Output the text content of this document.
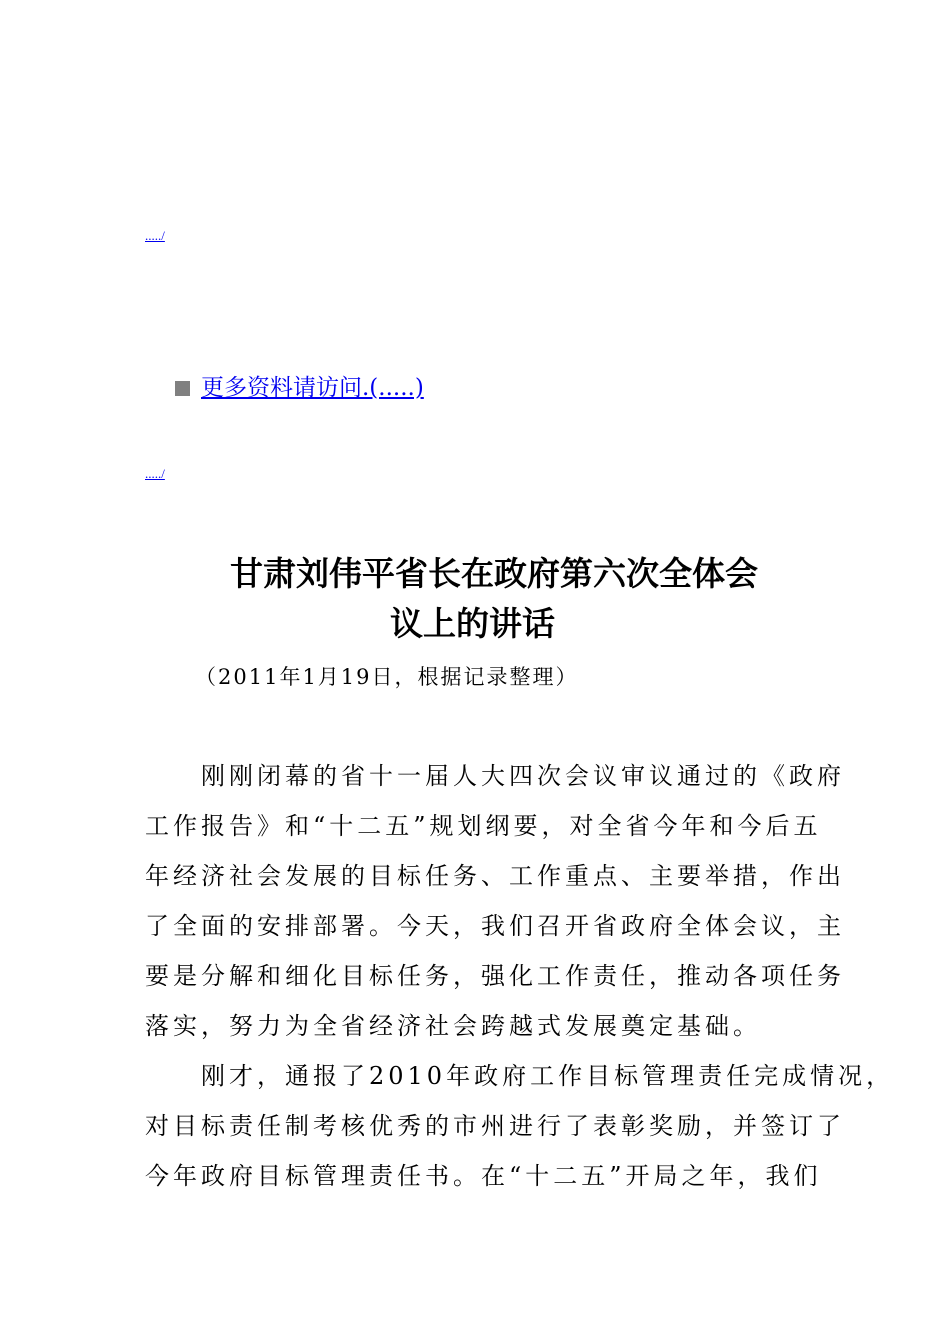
...../
更多资料请访问.(.....)
...../
甘肃刘伟平省长在政府第六次全体会
议上的讲话
（2011年1月19日，根据记录整理）
　　刚刚闭幕的省十一届人大四次会议审议通过的《政府
工作报告》和“十二五”规划纲要，对全省今年和今后五
年经济社会发展的目标任务、工作重点、主要举措，作出
了全面的安排部署。今天，我们召开省政府全体会议，主
要是分解和细化目标任务，强化工作责任，推动各项任务
落实，努力为全省经济社会跨越式发展奠定基础。
　　刚才，通报了2010年政府工作目标管理责任完成情况，
对目标责任制考核优秀的市州进行了表彰奖励，并签订了
今年政府目标管理责任书。在“十二五”开局之年，我们
